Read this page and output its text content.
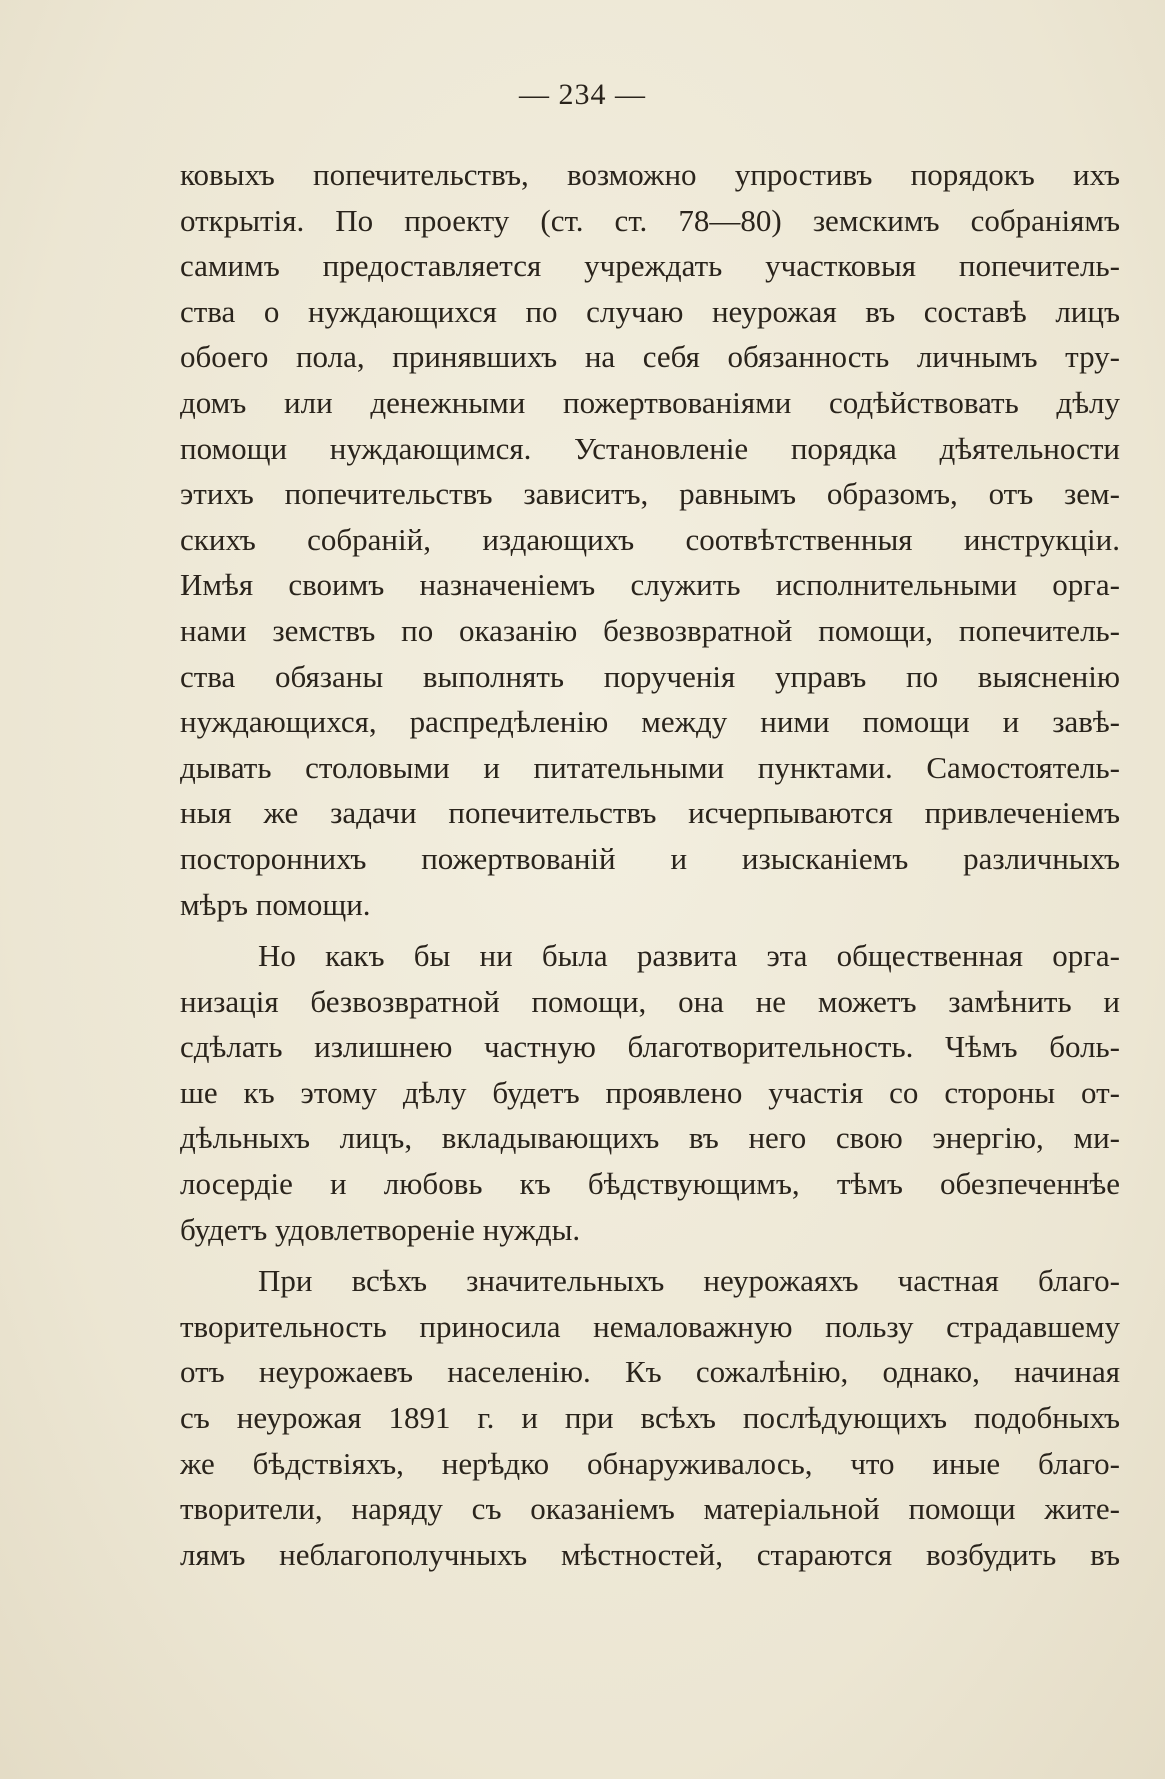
— 234 —
ковыхъ попечительствъ, возможно упростивъ порядокъ ихъ
открытія. По проекту (ст. ст. 78—80) земскимъ собраніямъ
самимъ предоставляется учреждать участковыя попечитель-
ства о нуждающихся по случаю неурожая въ составѣ лицъ
обоего пола, принявшихъ на себя обязанность личнымъ тру-
домъ или денежными пожертвованіями содѣйствовать дѣлу
помощи нуждающимся. Установленіе порядка дѣятельности
этихъ попечительствъ зависитъ, равнымъ образомъ, отъ зем-
скихъ собраній, издающихъ соотвѣтственныя инструкціи.
Имѣя своимъ назначеніемъ служить исполнительными орга-
нами земствъ по оказанію безвозвратной помощи, попечитель-
ства обязаны выполнять порученія управъ по выясненію
нуждающихся, распредѣленію между ними помощи и завѣ-
дывать столовыми и питательными пунктами. Самостоятель-
ныя же задачи попечительствъ исчерпываются привлеченіемъ
постороннихъ пожертвованій и изысканіемъ различныхъ
мѣръ помощи.
Но какъ бы ни была развита эта общественная орга-
низація безвозвратной помощи, она не можетъ замѣнить и
сдѣлать излишнею частную благотворительность. Чѣмъ боль-
ше къ этому дѣлу будетъ проявлено участія со стороны от-
дѣльныхъ лицъ, вкладывающихъ въ него свою энергію, ми-
лосердіе и любовь къ бѣдствующимъ, тѣмъ обезпеченнѣе
будетъ удовлетвореніе нужды.
При всѣхъ значительныхъ неурожаяхъ частная благо-
творительность приносила немаловажную пользу страдавшему
отъ неурожаевъ населенію. Къ сожалѣнію, однако, начиная
съ неурожая 1891 г. и при всѣхъ послѣдующихъ подобныхъ
же бѣдствіяхъ, нерѣдко обнаруживалось, что иные благо-
творители, наряду съ оказаніемъ матеріальной помощи жите-
лямъ неблагополучныхъ мѣстностей, стараются возбудить въ
